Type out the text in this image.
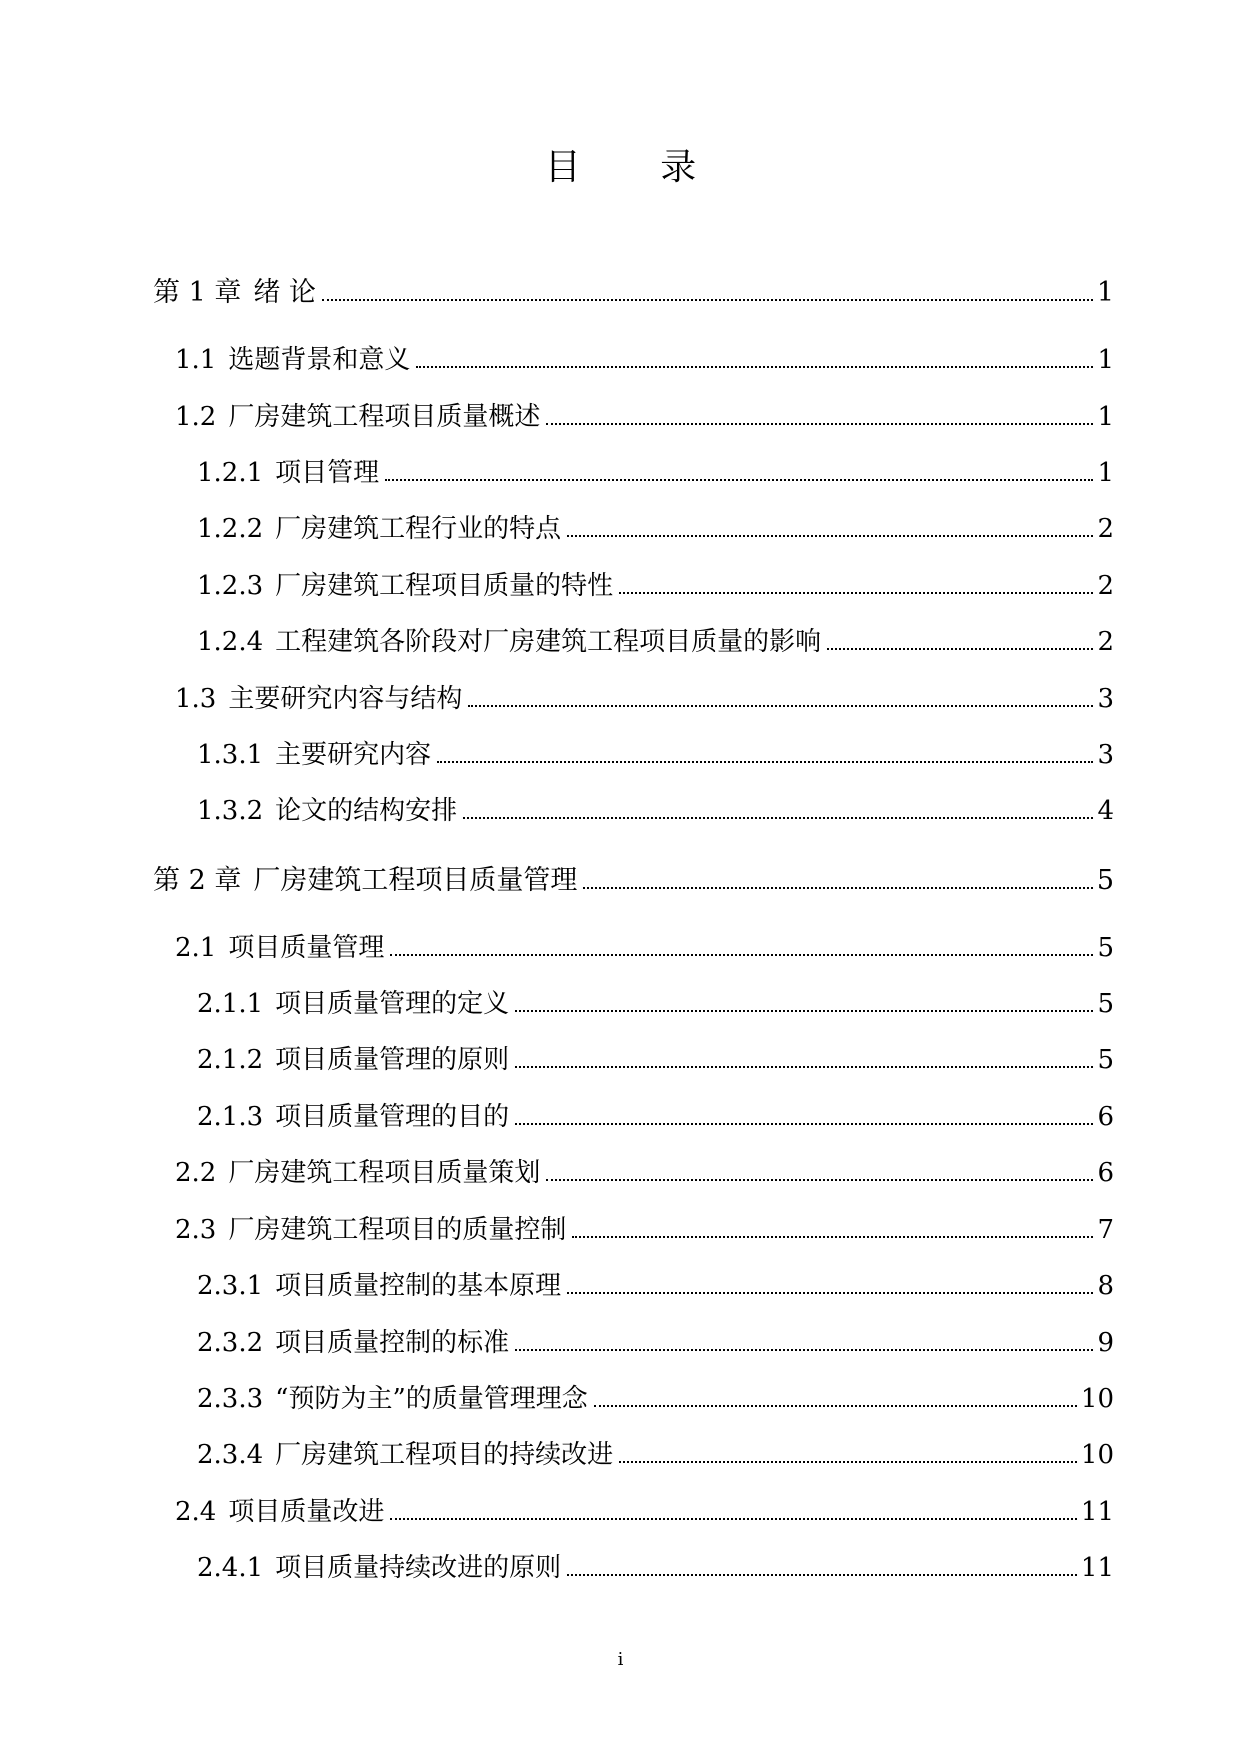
目 录
第 1 章 绪 论	1
1.1 选题背景和意义	1
1.2 厂房建筑工程项目质量概述	1
1.2.1 项目管理	1
1.2.2 厂房建筑工程行业的特点	2
1.2.3 厂房建筑工程项目质量的特性	2
1.2.4 工程建筑各阶段对厂房建筑工程项目质量的影响	2
1.3 主要研究内容与结构	3
1.3.1 主要研究内容	3
1.3.2 论文的结构安排	4
第 2 章 厂房建筑工程项目质量管理	5
2.1 项目质量管理	5
2.1.1 项目质量管理的定义	5
2.1.2 项目质量管理的原则	5
2.1.3 项目质量管理的目的	6
2.2 厂房建筑工程项目质量策划	6
2.3 厂房建筑工程项目的质量控制	7
2.3.1 项目质量控制的基本原理	8
2.3.2 项目质量控制的标准	9
2.3.3 “预防为主”的质量管理理念	10
2.3.4 厂房建筑工程项目的持续改进	10
2.4 项目质量改进	11
2.4.1 项目质量持续改进的原则	11
i
